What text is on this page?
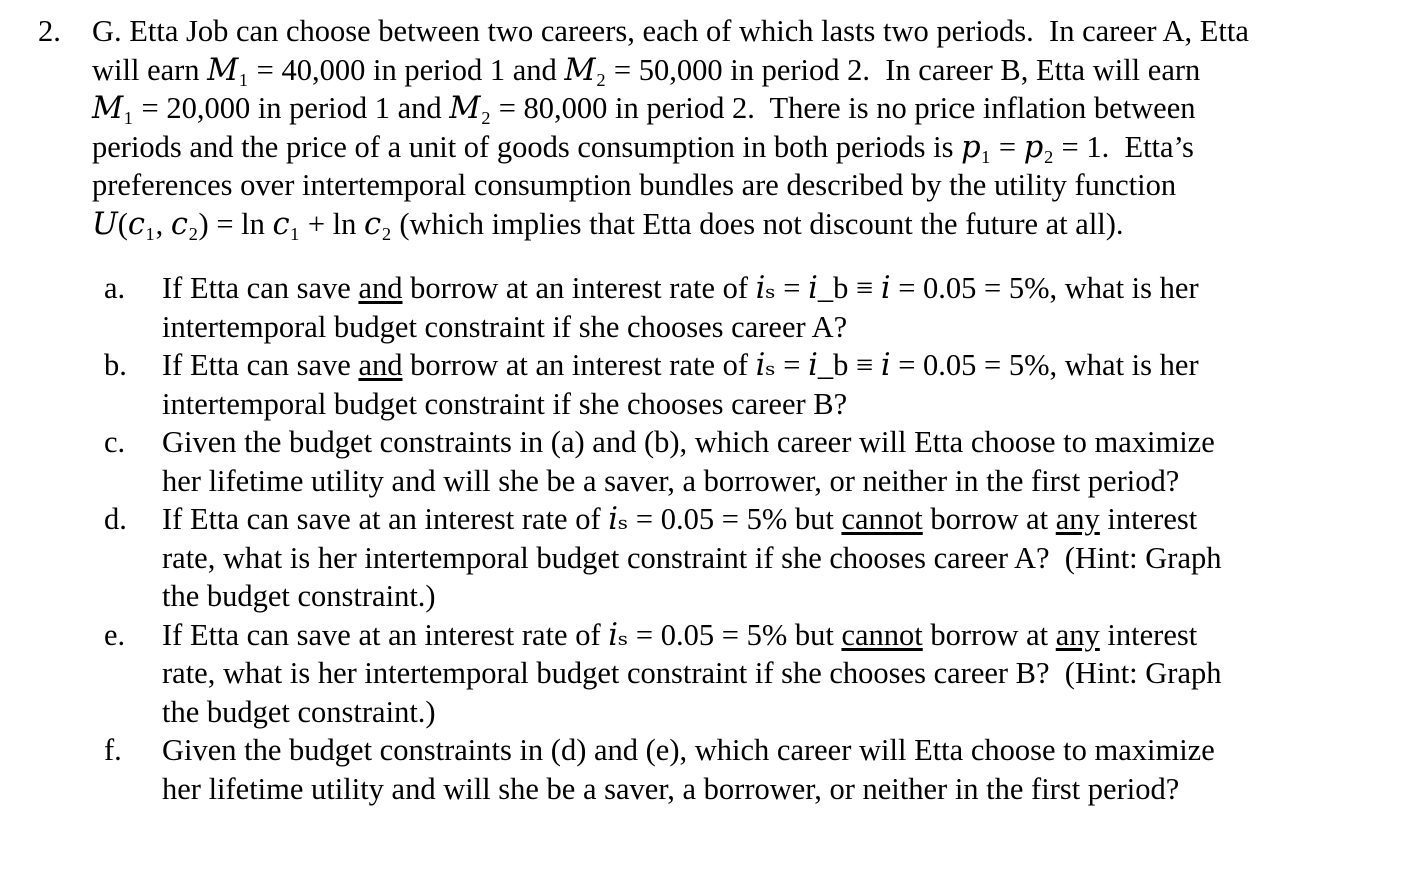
2. G. Etta Job can choose between two careers, each of which lasts two periods.  In career A, Etta
will earn 𝑀₁ = 40,000 in period 1 and 𝑀₂ = 50,000 in period 2.  In career B, Etta will earn
𝑀₁ = 20,000 in period 1 and 𝑀₂ = 80,000 in period 2.  There is no price inflation between
periods and the price of a unit of goods consumption in both periods is 𝑝₁ = 𝑝₂ = 1.  Etta’s
preferences over intertemporal consumption bundles are described by the utility function
𝑈(𝑐₁, 𝑐₂) = ln 𝑐₁ + ln 𝑐₂ (which implies that Etta does not discount the future at all).
a.	If Etta can save and borrow at an interest rate of 𝑖ₛ = 𝑖_b ≡ 𝑖 = 0.05 = 5%, what is her
intertemporal budget constraint if she chooses career A?
b.	If Etta can save and borrow at an interest rate of 𝑖ₛ = 𝑖_b ≡ 𝑖 = 0.05 = 5%, what is her
intertemporal budget constraint if she chooses career B?
c.	Given the budget constraints in (a) and (b), which career will Etta choose to maximize
her lifetime utility and will she be a saver, a borrower, or neither in the first period?
d.	If Etta can save at an interest rate of 𝑖ₛ = 0.05 = 5% but cannot borrow at any interest
rate, what is her intertemporal budget constraint if she chooses career A?  (Hint: Graph
the budget constraint.)
e.	If Etta can save at an interest rate of 𝑖ₛ = 0.05 = 5% but cannot borrow at any interest
rate, what is her intertemporal budget constraint if she chooses career B?  (Hint: Graph
the budget constraint.)
f.	Given the budget constraints in (d) and (e), which career will Etta choose to maximize
her lifetime utility and will she be a saver, a borrower, or neither in the first period?
